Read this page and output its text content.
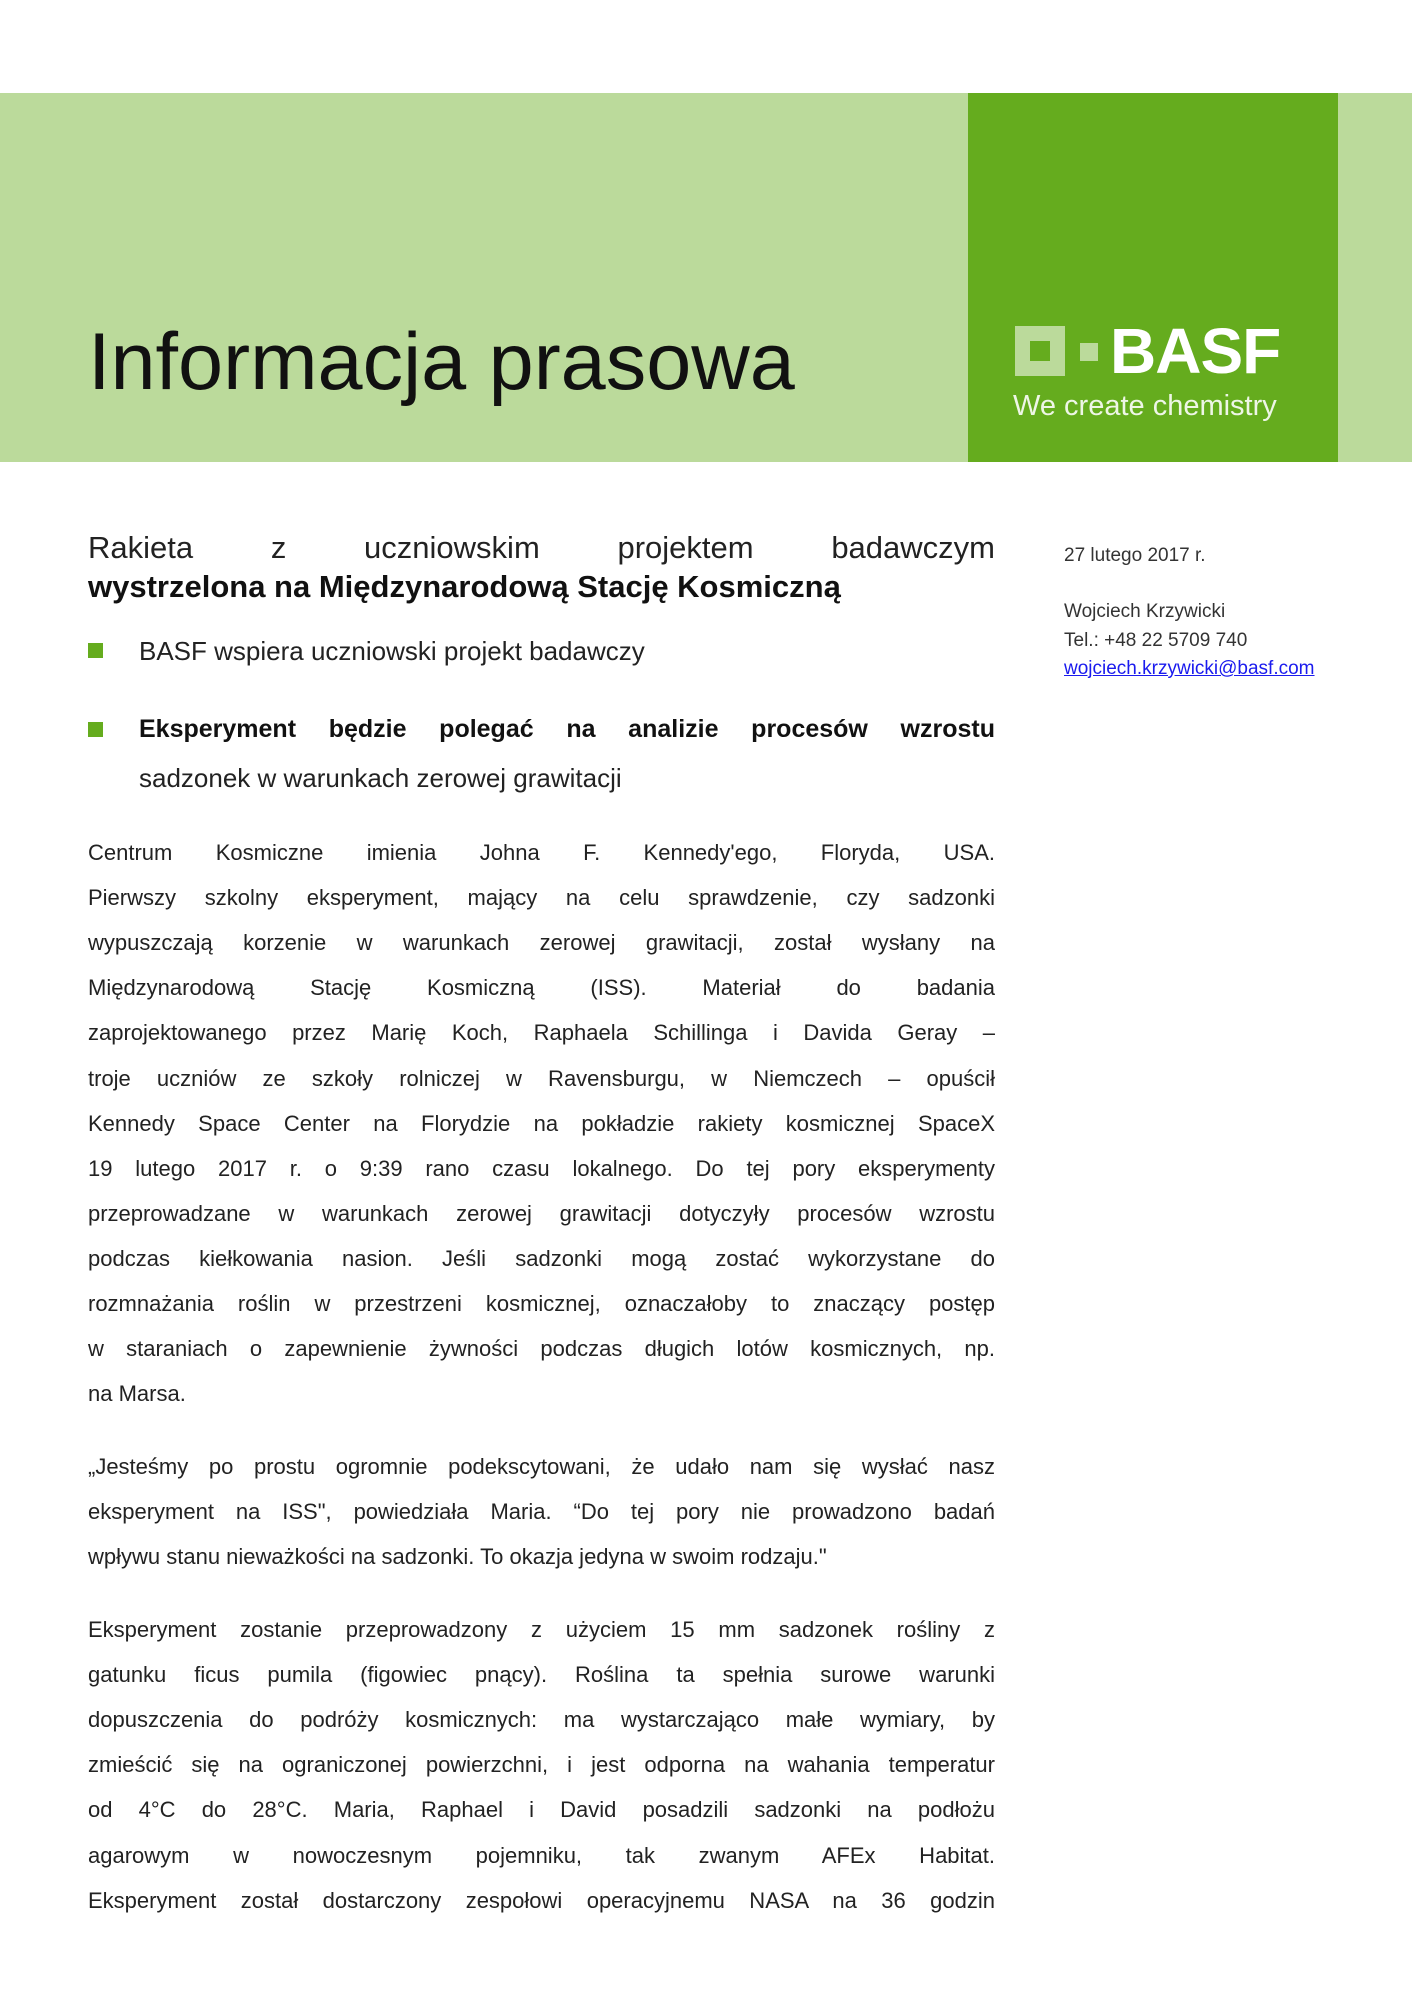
Informacja prasowa	BASF
We create chemistry
Rakieta z uczniowskim projektem badawczym
wystrzelona na Międzynarodową Stację Kosmiczną
BASF wspiera uczniowski projekt badawczy
Eksperyment będzie polegać na analizie procesów wzrostu
sadzonek w warunkach zerowej grawitacji
27 lutego 2017 r.
Wojciech Krzywicki
Tel.: +48 22 5709 740
wojciech.krzywicki@basf.com
Centrum Kosmiczne imienia Johna F. Kennedy'ego, Floryda, USA.
Pierwszy szkolny eksperyment, mający na celu sprawdzenie, czy sadzonki
wypuszczają korzenie w warunkach zerowej grawitacji, został wysłany na
Międzynarodową Stację Kosmiczną (ISS). Materiał do badania
zaprojektowanego przez Marię Koch, Raphaela Schillinga i Davida Geray –
troje uczniów ze szkoły rolniczej w Ravensburgu, w Niemczech – opuścił
Kennedy Space Center na Florydzie na pokładzie rakiety kosmicznej SpaceX
19 lutego 2017 r. o 9:39 rano czasu lokalnego. Do tej pory eksperymenty
przeprowadzane w warunkach zerowej grawitacji dotyczyły procesów wzrostu
podczas kiełkowania nasion. Jeśli sadzonki mogą zostać wykorzystane do
rozmnażania roślin w przestrzeni kosmicznej, oznaczałoby to znaczący postęp
w staraniach o zapewnienie żywności podczas długich lotów kosmicznych, np.
na Marsa.
„Jesteśmy po prostu ogromnie podekscytowani, że udało nam się wysłać nasz
eksperyment na ISS", powiedziała Maria. “Do tej pory nie prowadzono badań
wpływu stanu nieważkości na sadzonki. To okazja jedyna w swoim rodzaju."
Eksperyment zostanie przeprowadzony z użyciem 15 mm sadzonek rośliny z
gatunku ficus pumila (figowiec pnący). Roślina ta spełnia surowe warunki
dopuszczenia do podróży kosmicznych: ma wystarczająco małe wymiary, by
zmieścić się na ograniczonej powierzchni, i jest odporna na wahania temperatur
od 4°C do 28°C. Maria, Raphael i David posadzili sadzonki na podłożu
agarowym w nowoczesnym pojemniku, tak zwanym AFEx Habitat.
Eksperyment został dostarczony zespołowi operacyjnemu NASA na 36 godzin
